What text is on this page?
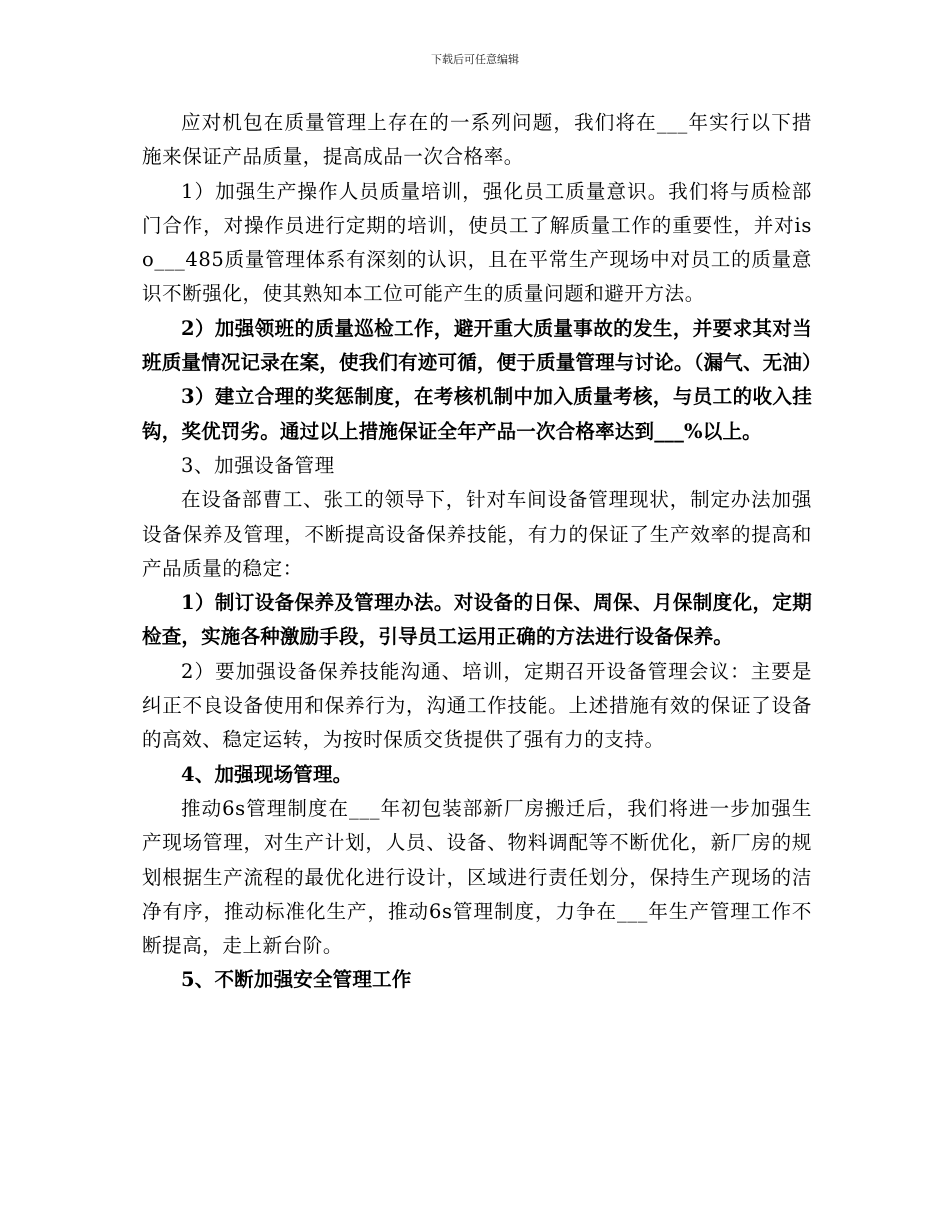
下载后可任意编辑

应对机包在质量管理上存在的一系列问题，我们将在___年实行以下措施来保证产品质量，提高成品一次合格率。

1）加强生产操作人员质量培训，强化员工质量意识。我们将与质检部门合作，对操作员进行定期的培训，使员工了解质量工作的重要性，并对iso___485质量管理体系有深刻的认识，且在平常生产现场中对员工的质量意识不断强化，使其熟知本工位可能产生的质量问题和避开方法。

2）加强领班的质量巡检工作，避开重大质量事故的发生，并要求其对当班质量情况记录在案，使我们有迹可循，便于质量管理与讨论。（漏气、无油）

3）建立合理的奖惩制度，在考核机制中加入质量考核，与员工的收入挂钩，奖优罚劣。通过以上措施保证全年产品一次合格率达到___%以上。

3、加强设备管理

在设备部曹工、张工的领导下，针对车间设备管理现状，制定办法加强设备保养及管理，不断提高设备保养技能，有力的保证了生产效率的提高和产品质量的稳定：

1）制订设备保养及管理办法。对设备的日保、周保、月保制度化，定期检查，实施各种激励手段，引导员工运用正确的方法进行设备保养。

2）要加强设备保养技能沟通、培训，定期召开设备管理会议：主要是纠正不良设备使用和保养行为，沟通工作技能。上述措施有效的保证了设备的高效、稳定运转，为按时保质交货提供了强有力的支持。

4、加强现场管理。

推动6s管理制度在___年初包装部新厂房搬迁后，我们将进一步加强生产现场管理，对生产计划，人员、设备、物料调配等不断优化，新厂房的规划根据生产流程的最优化进行设计，区域进行责任划分，保持生产现场的洁净有序，推动标准化生产，推动6s管理制度，力争在___年生产管理工作不断提高，走上新台阶。

5、不断加强安全管理工作
